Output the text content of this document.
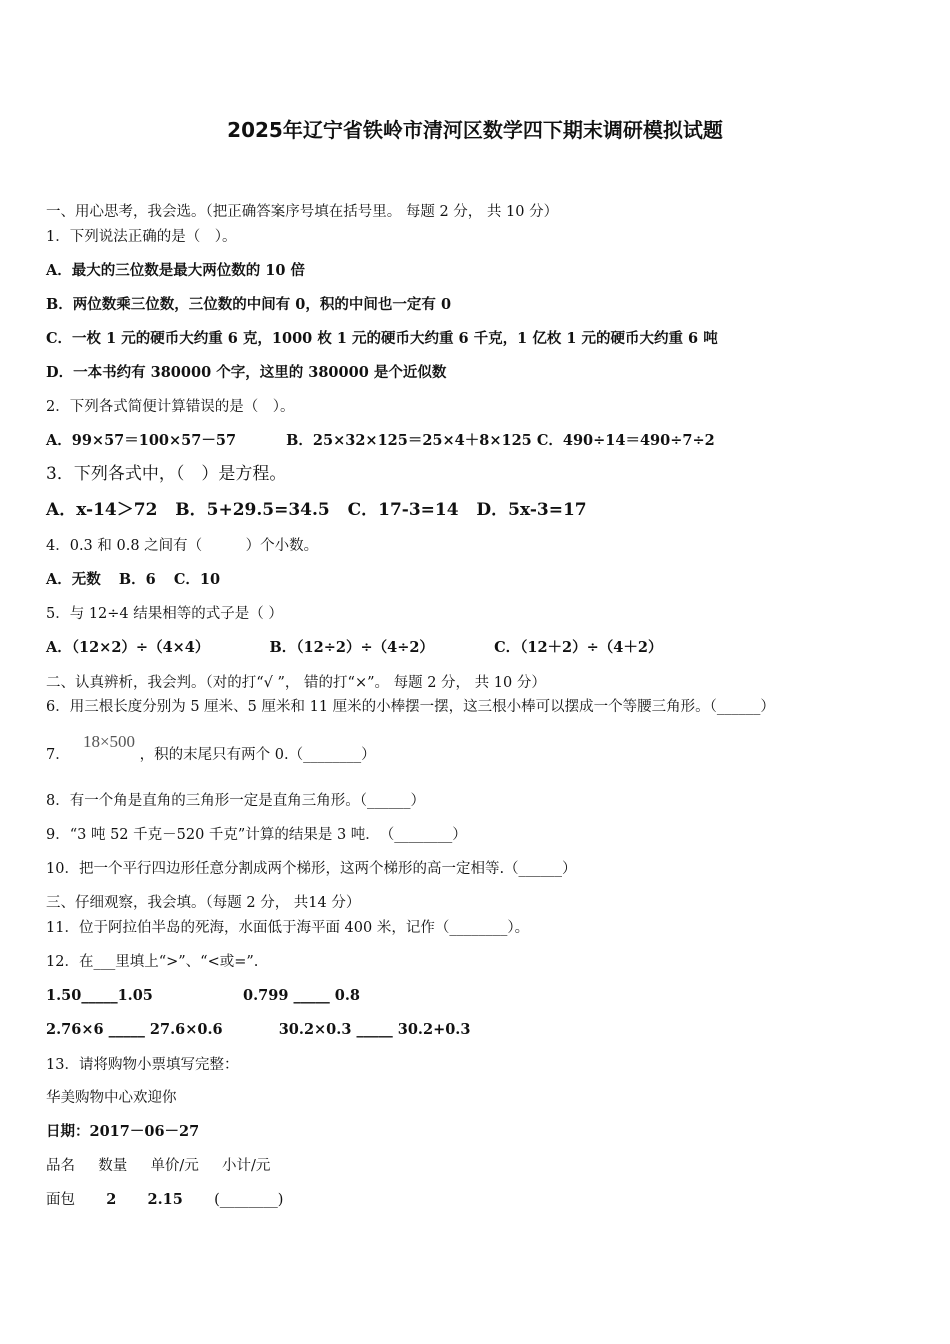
2025年辽宁省铁岭市清河区数学四下期末调研模拟试题
一、用心思考，我会选。（把正确答案序号填在括号里。 每题 2 分， 共 10 分）
1．下列说法正确的是（　）。
A．最大的三位数是最大两位数的 10 倍
B．两位数乘三位数，三位数的中间有 0，积的中间也一定有 0
C．一枚 1 元的硬币大约重 6 克，1000 枚 1 元的硬币大约重 6 千克，1 亿枚 1 元的硬币大约重 6 吨
D．一本书约有 380000 个字，这里的 380000 是个近似数
2．下列各式简便计算错误的是（　）。
A．99×57＝100×57－57	B．25×32×125＝25×4＋8×125 C．490÷14＝490÷7÷2
3．下列各式中，（　）是方程。
A．x-14＞72 B．5+29.5=34.5 C．17-3=14 D．5x-3=17
4．0.3 和 0.8 之间有（　　　）个小数。
A．无数 B．6 C．10
5．与 12÷4 结果相等的式子是（ ）
A．（12×2）÷（4×4）	B．（12÷2）÷（4÷2）	C．（12＋2）÷（4＋2）
二、认真辨析，我会判。（对的打“√ ”， 错的打“×”。 每题 2 分， 共 10 分）
6．用三根长度分别为 5 厘米、5 厘米和 11 厘米的小棒摆一摆，这三根小棒可以摆成一个等腰三角形。（______）
7．  18×500 ，积的末尾只有两个 0.（________）
8．有一个角是直角的三角形一定是直角三角形。（______）
9．“3 吨 52 千克－520 千克”计算的结果是 3 吨．　（________）
10．把一个平行四边形任意分割成两个梯形，这两个梯形的高一定相等.（______）
三、仔细观察，我会填。（每题 2 分， 共14 分）
11．位于阿拉伯半岛的死海，水面低于海平面 400 米，记作（________）。
12．在___里填上“>”、“<或=”.
1.50_____1.05	0.799 _____ 0.8
2.76×6 _____ 27.6×0.6	30.2×0.3 _____ 30.2+0.3
13．请将购物小票填写完整：
华美购物中心欢迎你
日期：2017－06－27
品名 数量 单价/元 小计/元
面包 2 2.15 (________)
